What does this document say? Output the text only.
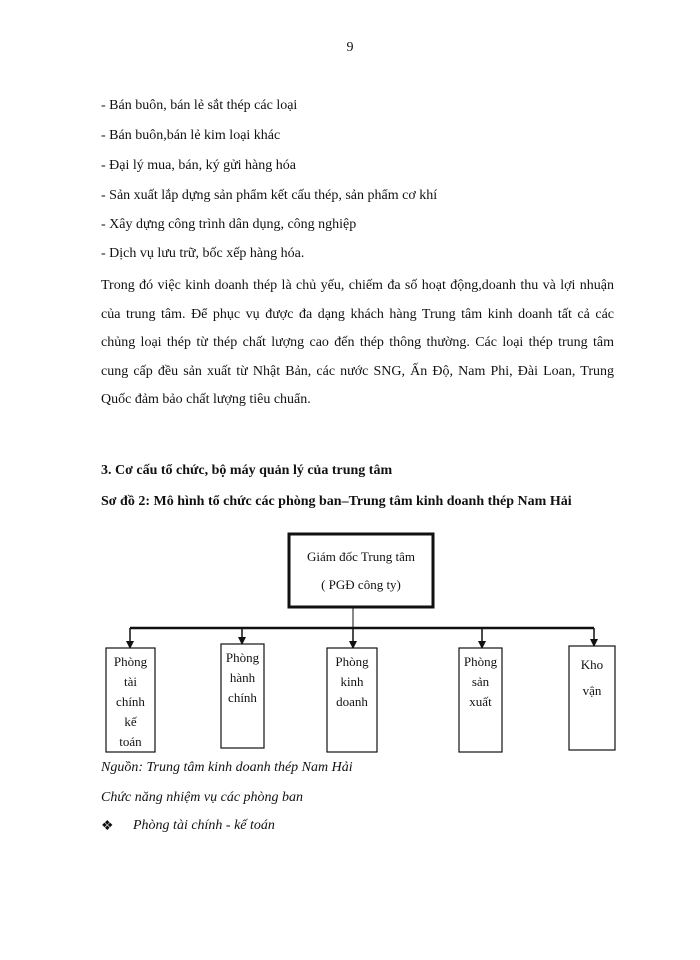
9
- Bán buôn, bán lẻ sắt thép các loại
- Bán buôn,bán lẻ kim loại khác
- Đại lý mua, bán, ký gửi hàng hóa
- Sản xuất lắp dựng sản phẩm kết cấu thép, sản phẩm cơ khí
- Xây dựng công trình dân dụng, công nghiệp
- Dịch vụ lưu trữ, bốc xếp hàng hóa.
Trong đó việc kinh doanh thép là chủ yếu, chiếm đa số hoạt động,doanh thu và lợi nhuận của trung tâm. Để phục vụ được đa dạng khách hàng Trung tâm kinh doanh tất cả các chủng loại thép từ thép chất lượng cao đến thép thông thường. Các loại thép trung tâm cung cấp đều sản xuất từ Nhật Bản, các nước SNG, Ấn Độ, Nam Phi, Đài Loan, Trung Quốc đảm bảo chất lượng tiêu chuẩn.
3. Cơ cấu tổ chức, bộ máy quản lý của trung tâm
Sơ đồ 2: Mô hình tổ chức các phòng ban–Trung tâm kinh doanh thép Nam Hải
Giám đốc Trung tâm
( PGĐ công ty)
Phòng
tài
chính
kế
toán
Phòng
hành
chính
Phòng
kinh
doanh
Phòng
sản
xuất
Kho
vận
Nguồn: Trung tâm kinh doanh thép Nam Hải
Chức năng nhiệm vụ các phòng ban
❖ Phòng tài chính - kế toán
